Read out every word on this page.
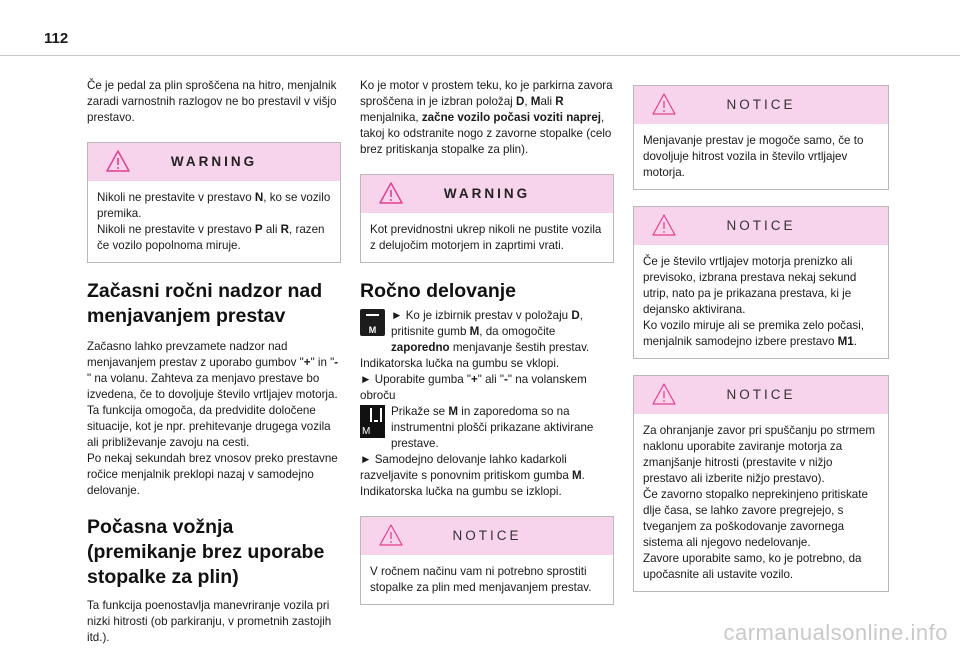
112

Če je pedal za plin sproščena na hitro, menjalnik zaradi varnostnih razlogov ne bo prestavil v višjo prestavo.

WARNING

Nikoli ne prestavite v prestavo N, ko se vozilo premika.

Nikoli ne prestavite v prestavo P ali R, razen če vozilo popolnoma miruje.

Začasni ročni nadzor nad menjavanjem prestav

Začasno lahko prevzamete nadzor nad menjavanjem prestav z uporabo gumbov "+" in "-" na volanu. Zahteva za menjavo prestave bo izvedena, če to dovoljuje število vrtljajev motorja.

Ta funkcija omogoča, da predvidite določene situacije, kot je npr. prehitevanje drugega vozila ali približevanje zavoju na cesti.

Po nekaj sekundah brez vnosov preko prestavne ročice menjalnik preklopi nazaj v samodejno delovanje.

Počasna vožnja (premikanje brez uporabe stopalke za plin)

Ta funkcija poenostavlja manevriranje vozila pri nizki hitrosti (ob parkiranju, v prometnih zastojih itd.).

Ko je motor v prostem teku, ko je parkirna zavora sproščena in je izbran položaj D, Mali R menjalnika, začne vozilo počasi voziti naprej, takoj ko odstranite nogo z zavorne stopalke (celo brez pritiskanja stopalke za plin).

WARNING

Kot previdnostni ukrep nikoli ne pustite vozila z delujočim motorjem in zaprtimi vrati.

Ročno delovanje
M

► Ko je izbirnik prestav v položaju D, pritisnite gumb M, da omogočite zaporedno menjavanje šestih prestav.

Indikatorska lučka na gumbu se vklopi.

► Uporabite gumba "+" ali "-" na volanskem obroču

M

Prikaže se M in zaporedoma so na instrumentni plošči prikazane aktivirane prestave.

► Samodejno delovanje lahko kadarkoli razveljavite s ponovnim pritiskom gumba M.

Indikatorska lučka na gumbu se izklopi.

NOTICE

V ročnem načinu vam ni potrebno sprostiti stopalke za plin med menjavanjem prestav.

NOTICE

Menjavanje prestav je mogoče samo, če to dovoljuje hitrost vozila in število vrtljajev motorja.

NOTICE

Če je število vrtljajev motorja prenizko ali previsoko, izbrana prestava nekaj sekund utrip, nato pa je prikazana prestava, ki je dejansko aktivirana.

Ko vozilo miruje ali se premika zelo počasi, menjalnik samodejno izbere prestavo M1.

NOTICE

Za ohranjanje zavor pri spuščanju po strmem naklonu uporabite zaviranje motorja za zmanjšanje hitrosti (prestavite v nižjo prestavo ali izberite nižjo prestavo).

Če zavorno stopalko neprekinjeno pritiskate dlje časa, se lahko zavore pregrejejo, s tveganjem za poškodovanje zavornega sistema ali njegovo nedelovanje.

Zavore uporabite samo, ko je potrebno, da upočasnite ali ustavite vozilo.

carmanualsonline.info
